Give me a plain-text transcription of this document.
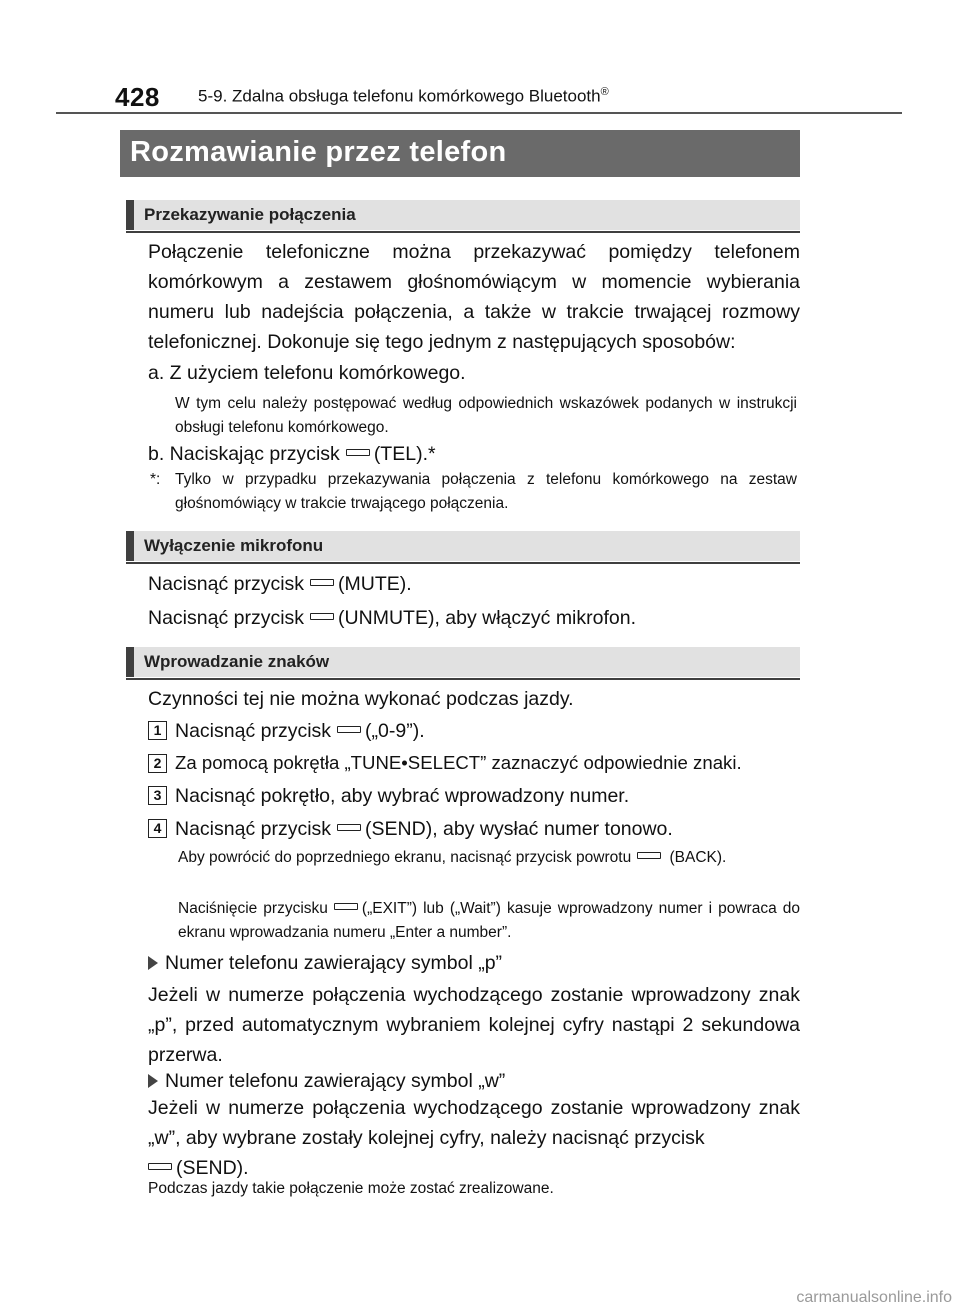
428 5-9. Zdalna obsługa telefonu komórkowego Bluetooth®
Rozmawianie przez telefon
Przekazywanie połączenia
Połączenie telefoniczne można przekazywać pomiędzy telefonem komórkowym a zestawem głośnomówiącym w momencie wybierania numeru lub nadejścia połączenia, a także w trakcie trwającej rozmowy telefonicznej. Dokonuje się tego jednym z następujących sposobów:
a. Z użyciem telefonu komórkowego.
W tym celu należy postępować według odpowiednich wskazówek podanych w instrukcji obsługi telefonu komórkowego.
b. Naciskając przycisk (TEL).*
*: Tylko w przypadku przekazywania połączenia z telefonu komórkowego na zestaw głośnomówiący w trakcie trwającego połączenia.
Wyłączenie mikrofonu
Nacisnąć przycisk (MUTE).
Nacisnąć przycisk (UNMUTE), aby włączyć mikrofon.
Wprowadzanie znaków
Czynności tej nie można wykonać podczas jazdy.
1 Nacisnąć przycisk („0-9”).
2 Za pomocą pokrętła „TUNE•SELECT” zaznaczyć odpowiednie znaki.
3 Nacisnąć pokrętło, aby wybrać wprowadzony numer.
4 Nacisnąć przycisk (SEND), aby wysłać numer tonowo.
Aby powrócić do poprzedniego ekranu, nacisnąć przycisk powrotu (BACK).
Naciśnięcie przycisku („EXIT”) lub („Wait”) kasuje wprowadzony numer i powraca do ekranu wprowadzania numeru „Enter a number”.
Numer telefonu zawierający symbol „p”
Jeżeli w numerze połączenia wychodzącego zostanie wprowadzony znak „p”, przed automatycznym wybraniem kolejnej cyfry nastąpi 2 sekundowa przerwa.
Numer telefonu zawierający symbol „w”
Jeżeli w numerze połączenia wychodzącego zostanie wprowadzony znak „w”, aby wybrane zostały kolejnej cyfry, należy nacisnąć przycisk
(SEND).
Podczas jazdy takie połączenie może zostać zrealizowane.
carmanualsonline.info
